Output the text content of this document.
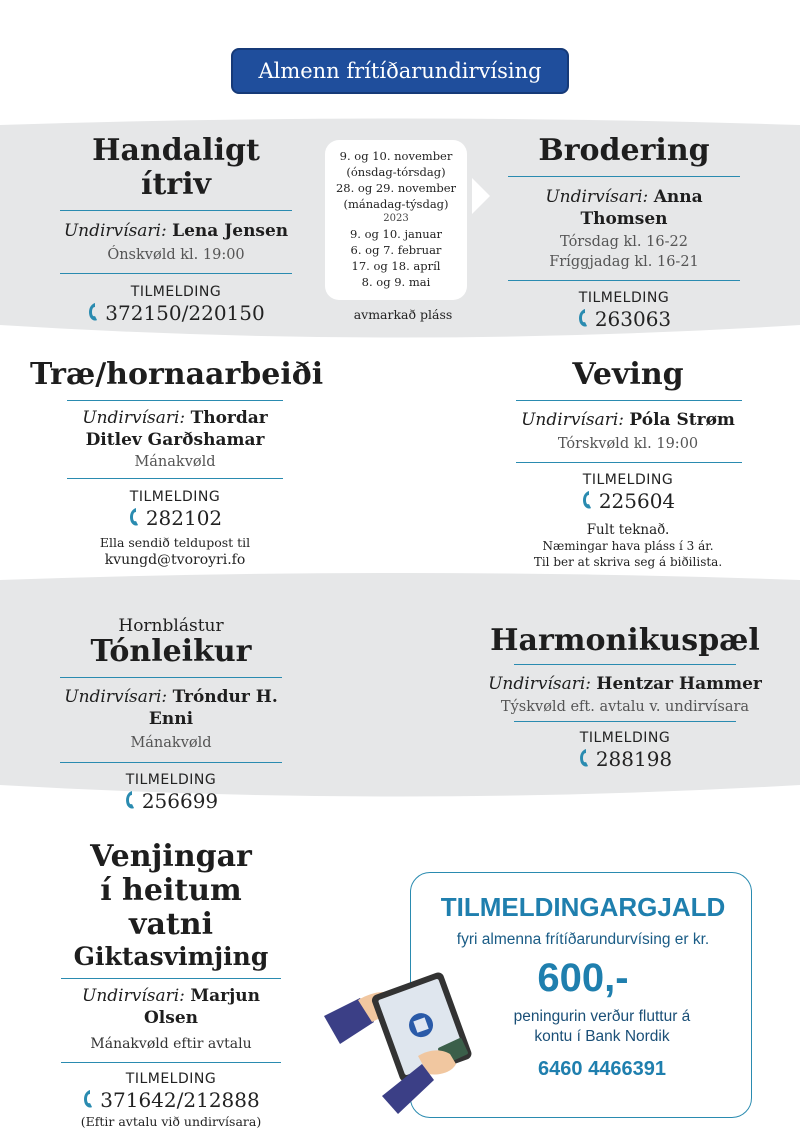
Almenn frítíðarundirvísing
Handaligt ítriv
Undirvísari: Lena Jensen
Ónskvøld kl. 19:00
TILMELDING
372150/220150
9. og 10. november
(ónsdag-tórsdag)
28. og 29. november
(mánadag-týsdag)
2023
9. og 10. januar
6. og 7. februar
17. og 18. apríl
8. og 9. mai
avmarkað pláss
Brodering
Undirvísari: Anna Thomsen
Tórsdag kl. 16-22
Fríggjadag kl. 16-21
TILMELDING
263063
Træ/hornaarbeiði
Undirvísari: Thordar
Ditlev Garðshamar
Mánakvøld
TILMELDING
282102
Ella sendið teldupost til
kvungd@tvoroyri.fo
Veving
Undirvísari: Póla Strøm
Tórskvøld kl. 19:00
TILMELDING
225604
Fult teknað.
Næmingar hava pláss í 3 ár.
Til ber at skriva seg á biðilista.
Hornblástur
Tónleikur
Undirvísari: Tróndur H. Enni
Mánakvøld
TILMELDING
256699
Harmonikuspæl
Undirvísari: Hentzar Hammer
Týskvøld eft. avtalu v. undirvísara
TILMELDING
288198
Venjingar
í heitum vatni
Giktasvimjing
Undirvísari: Marjun Olsen
Mánakvøld eftir avtalu
TILMELDING
371642/212888
(Eftir avtalu við undirvísara)
TILMELDINGARGJALD
fyri almenna frítíðarundurvísing er kr.
600,-
peningurin verður fluttur á
kontu í Bank Nordik
6460 4466391
